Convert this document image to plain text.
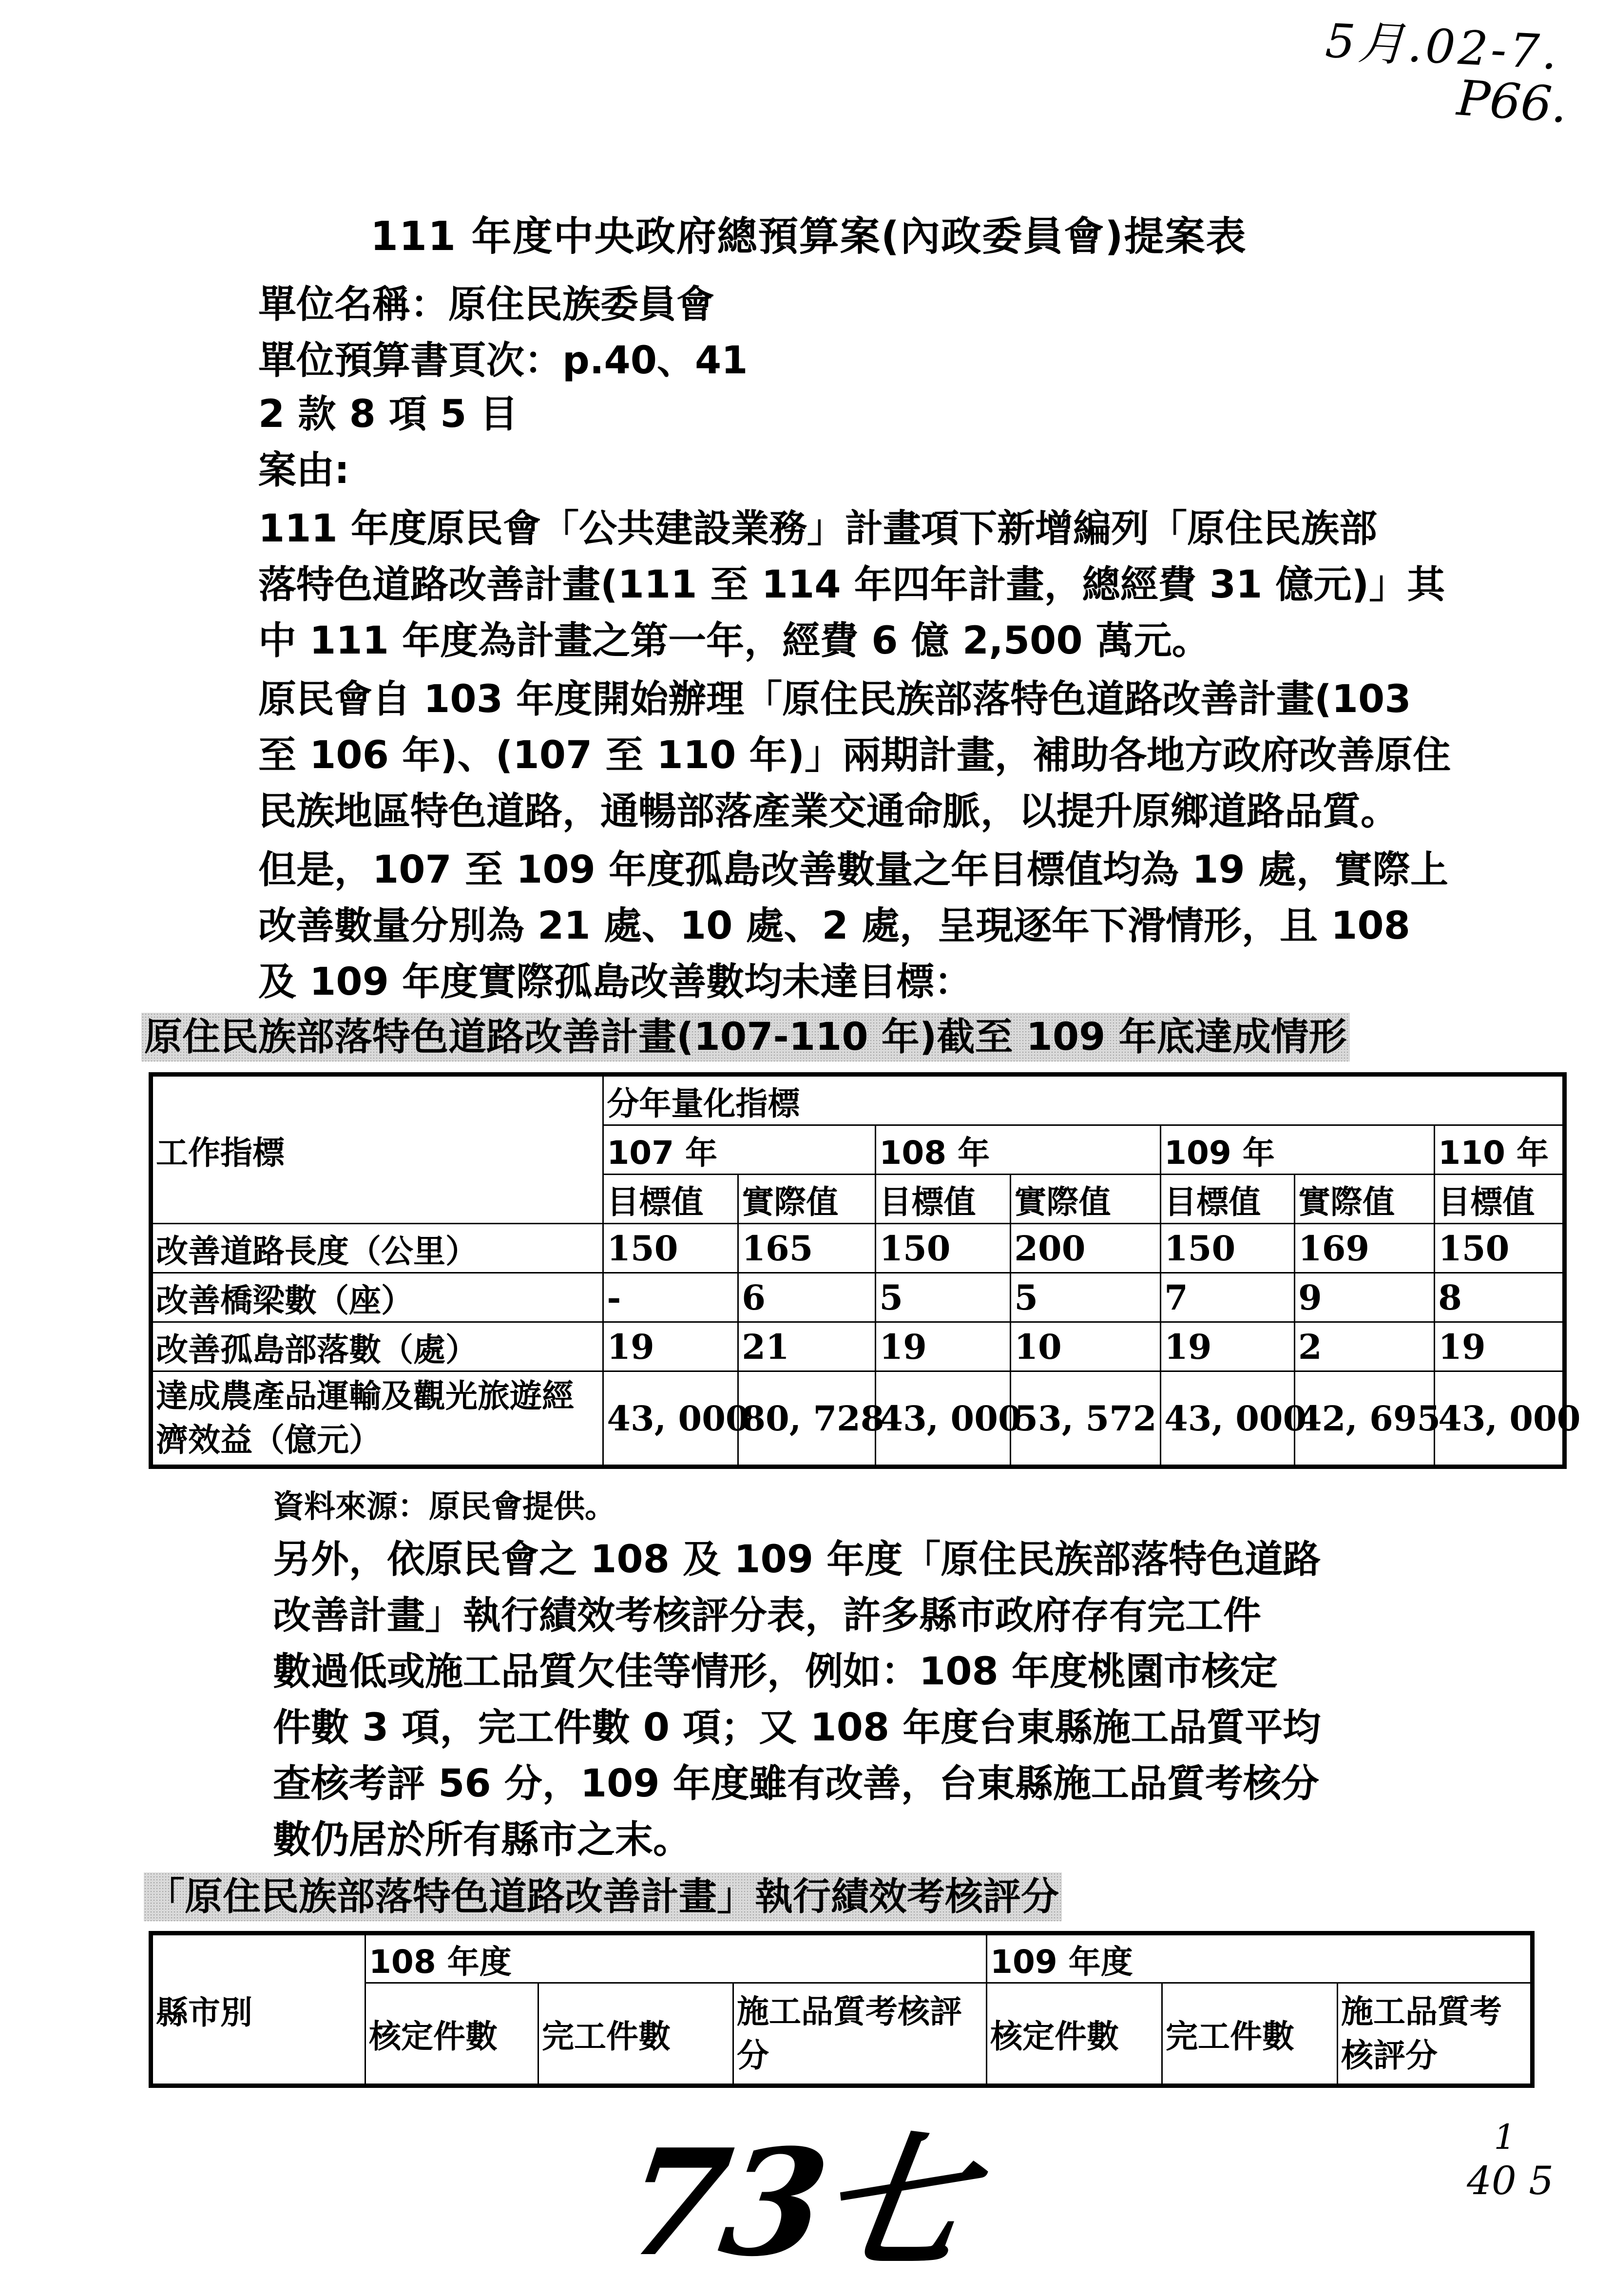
5月.02-7.
P66.
73七	1
40 5
111 年度中央政府總預算案(內政委員會)提案表
單位名稱：原住民族委員會
單位預算書頁次：p.40、41
2 款 8 項 5 目
案由:
111 年度原民會「公共建設業務」計畫項下新增編列「原住民族部
落特色道路改善計畫(111 至 114 年四年計畫，總經費 31 億元)」其
中 111 年度為計畫之第一年，經費 6 億 2,500 萬元。
原民會自 103 年度開始辦理「原住民族部落特色道路改善計畫(103
至 106 年)、(107 至 110 年)」兩期計畫，補助各地方政府改善原住
民族地區特色道路，通暢部落產業交通命脈，以提升原鄉道路品質。
但是，107 至 109 年度孤島改善數量之年目標值均為 19 處，實際上
改善數量分別為 21 處、10 處、2 處，呈現逐年下滑情形，且 108
及 109 年度實際孤島改善數均未達目標：
原住民族部落特色道路改善計畫(107-110 年)截至 109 年底達成情形
工作指標	分年量化指標						
	107 年		108 年		109 年		110 年
	目標值	實際值	目標值	實際值	目標值	實際值	目標值
改善道路長度（公里）	150	165	150	200	150	169	150
改善橋梁數（座）	-	6	5	5	7	9	8
改善孤島部落數（處）	19	21	19	10	19	2	19
達成農產品運輸及觀光旅遊經濟效益（億元）	43, 000	80, 728	43, 000	53, 572	43, 000	42, 695	43, 000
資料來源：原民會提供。
另外，依原民會之 108 及 109 年度「原住民族部落特色道路
改善計畫」執行績效考核評分表，許多縣市政府存有完工件
數過低或施工品質欠佳等情形，例如：108 年度桃園市核定
件數 3 項，完工件數 0 項；又 108 年度台東縣施工品質平均
查核考評 56 分，109 年度雖有改善，台東縣施工品質考核分
數仍居於所有縣市之末。
「原住民族部落特色道路改善計畫」執行績效考核評分
縣市別	108 年度			109 年度		
	核定件數	完工件數	施工品質考核評分	核定件數	完工件數	施工品質考核評分
